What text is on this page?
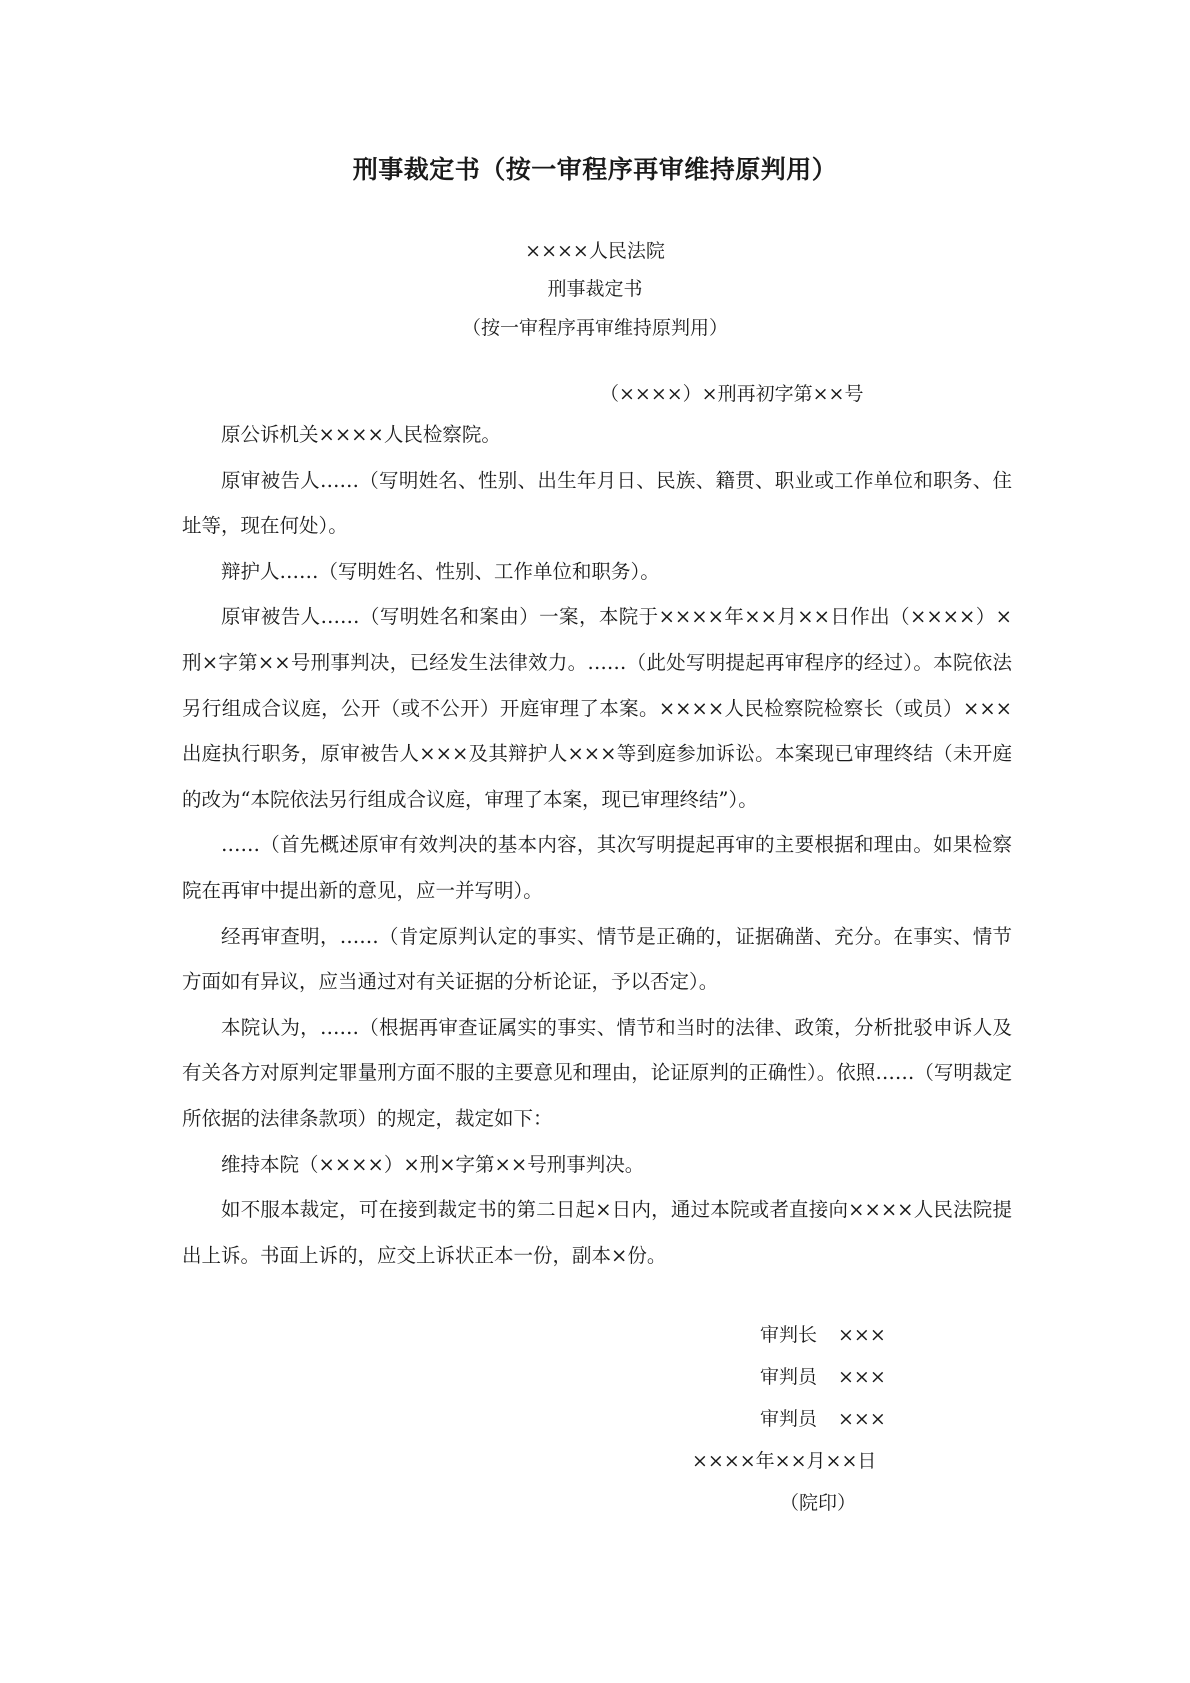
刑事裁定书（按一审程序再审维持原判用）
××××人民法院
刑事裁定书
（按一审程序再审维持原判用）
（××××）×刑再初字第××号

原公诉机关××××人民检察院。

原审被告人……（写明姓名、性别、出生年月日、民族、籍贯、职业或工作单位和职务、住址等，现在何处）。

辩护人……（写明姓名、性别、工作单位和职务）。

原审被告人……（写明姓名和案由）一案，本院于××××年××月××日作出（××××）×刑×字第××号刑事判决，已经发生法律效力。……（此处写明提起再审程序的经过）。本院依法另行组成合议庭，公开（或不公开）开庭审理了本案。××××人民检察院检察长（或员）×××出庭执行职务，原审被告人×××及其辩护人×××等到庭参加诉讼。本案现已审理终结（未开庭的改为“本院依法另行组成合议庭，审理了本案，现已审理终结”）。

……（首先概述原审有效判决的基本内容，其次写明提起再审的主要根据和理由。如果检察院在再审中提出新的意见，应一并写明）。

经再审查明，……（肯定原判认定的事实、情节是正确的，证据确凿、充分。在事实、情节方面如有异议，应当通过对有关证据的分析论证，予以否定）。

本院认为，……（根据再审查证属实的事实、情节和当时的法律、政策，分析批驳申诉人及有关各方对原判定罪量刑方面不服的主要意见和理由，论证原判的正确性）。依照……（写明裁定所依据的法律条款项）的规定，裁定如下：

维持本院（××××）×刑×字第××号刑事判决。

如不服本裁定，可在接到裁定书的第二日起×日内，通过本院或者直接向××××人民法院提出上诉。书面上诉的，应交上诉状正本一份，副本×份。

审判长 ×××
审判员 ×××
审判员 ×××
××××年××月××日
（院印）
